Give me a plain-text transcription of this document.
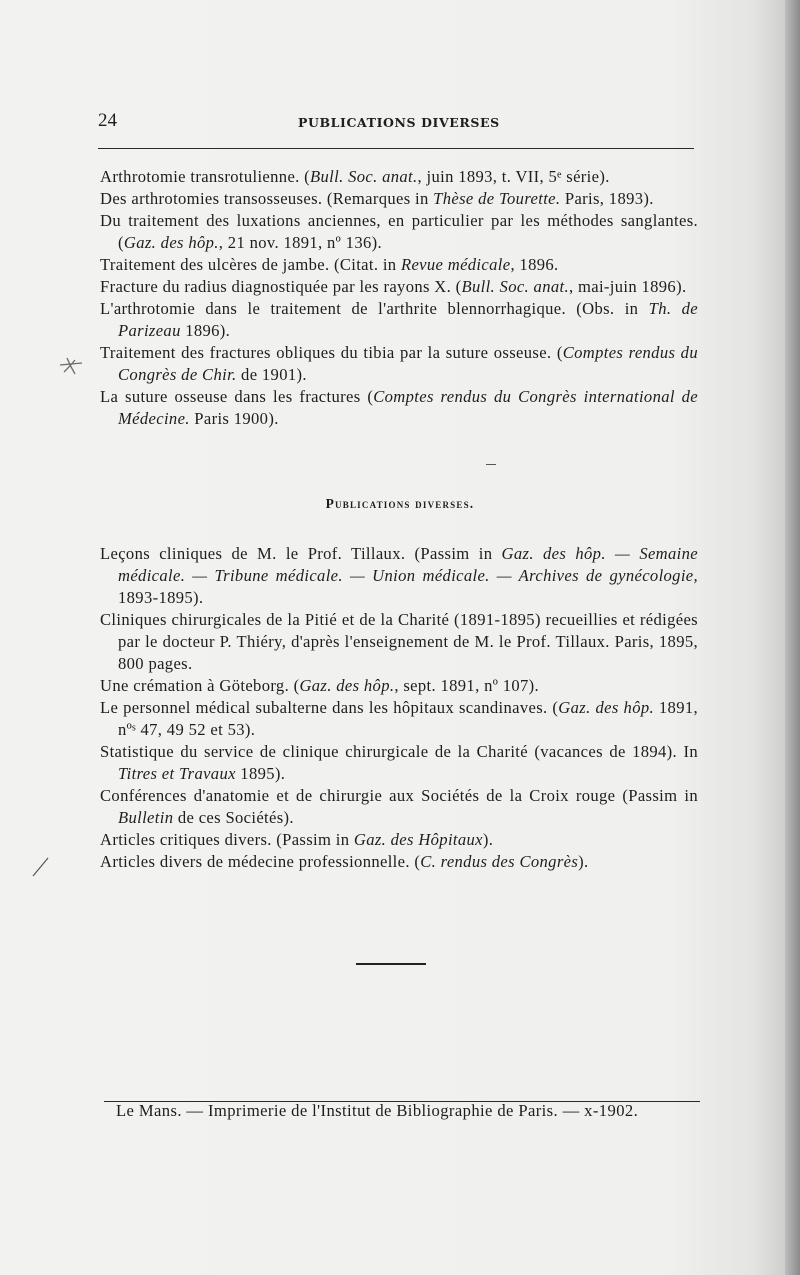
24	PUBLICATIONS DIVERSES
Arthrotomie transrotulienne. (Bull. Soc. anat., juin 1893, t. VII, 5ᵉ série).
Des arthrotomies transosseuses. (Remarques in Thèse de Tourette. Paris, 1893).
Du traitement des luxations anciennes, en particulier par les méthodes sanglantes. (Gaz. des hôp., 21 nov. 1891, nº 136).
Traitement des ulcères de jambe. (Citat. in Revue médicale, 1896.
Fracture du radius diagnostiquée par les rayons X. (Bull. Soc. anat., mai-juin 1896).
L'arthrotomie dans le traitement de l'arthrite blennorrhagique. (Obs. in Th. de Parizeau 1896).
Traitement des fractures obliques du tibia par la suture osseuse. (Comptes rendus du Congrès de Chir. de 1901).
La suture osseuse dans les fractures (Comptes rendus du Congrès international de Médecine. Paris 1900).
Publications diverses.
Leçons cliniques de M. le Prof. Tillaux. (Passim in Gaz. des hôp. — Semaine médicale. — Tribune médicale. — Union médicale. — Archives de gynécologie, 1893-1895).
Cliniques chirurgicales de la Pitié et de la Charité (1891-1895) recueillies et rédigées par le docteur P. Thiéry, d'après l'enseignement de M. le Prof. Tillaux. Paris, 1895, 800 pages.
Une crémation à Göteborg. (Gaz. des hôp., sept. 1891, nº 107).
Le personnel médical subalterne dans les hôpitaux scandinaves. (Gaz. des hôp. 1891, nºˢ 47, 49 52 et 53).
Statistique du service de clinique chirurgicale de la Charité (vacances de 1894). In Titres et Travaux 1895).
Conférences d'anatomie et de chirurgie aux Sociétés de la Croix rouge (Passim in Bulletin de ces Sociétés).
Articles critiques divers. (Passim in Gaz. des Hôpitaux).
Articles divers de médecine professionnelle. (C. rendus des Congrès).
Le Mans. — Imprimerie de l'Institut de Bibliographie de Paris. — x-1902.
